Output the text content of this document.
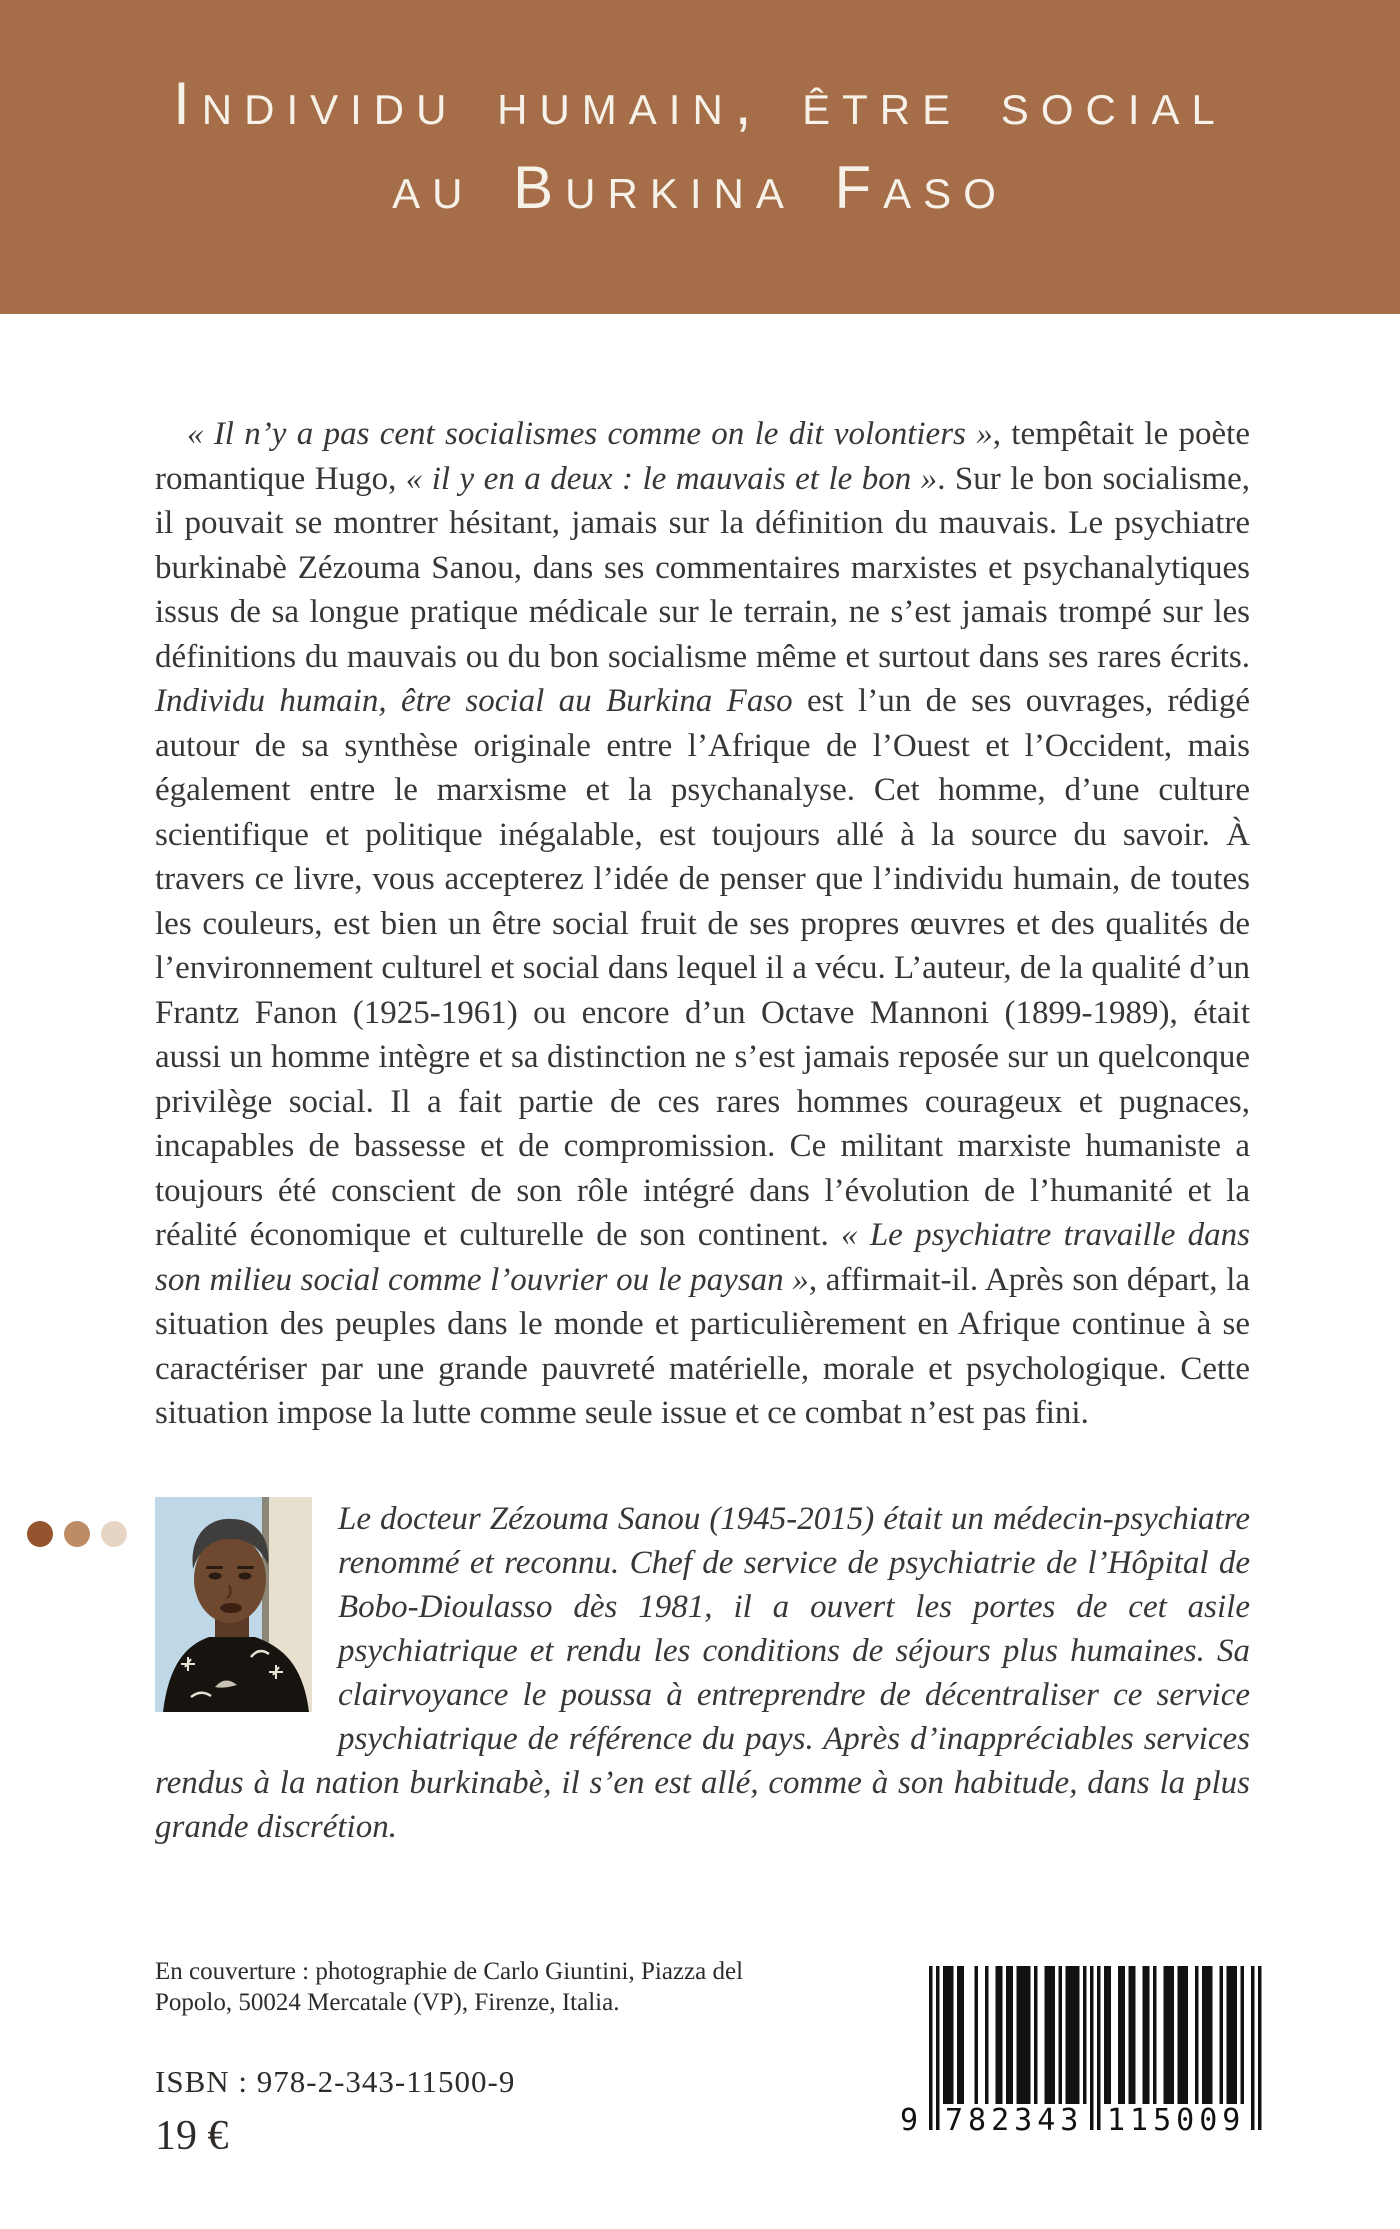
Individu humain, être social
au Burkina Faso

« Il n’y a pas cent socialismes comme on le dit volontiers », tempêtait le poète romantique Hugo, « il y en a deux : le mauvais et le bon ». Sur le bon socialisme, il pouvait se montrer hésitant, jamais sur la définition du mauvais. Le psychiatre burkinabè Zézouma Sanou, dans ses commentaires marxistes et psychanalytiques issus de sa longue pratique médicale sur le terrain, ne s’est jamais trompé sur les définitions du mauvais ou du bon socialisme même et surtout dans ses rares écrits. Individu humain, être social au Burkina Faso est l’un de ses ouvrages, rédigé autour de sa synthèse originale entre l’Afrique de l’Ouest et l’Occident, mais également entre le marxisme et la psychanalyse. Cet homme, d’une culture scientifique et politique inégalable, est toujours allé à la source du savoir. À travers ce livre, vous accepterez l’idée de penser que l’individu humain, de toutes les couleurs, est bien un être social fruit de ses propres œuvres et des qualités de l’environnement culturel et social dans lequel il a vécu. L’auteur, de la qualité d’un Frantz Fanon (1925-1961) ou encore d’un Octave Mannoni (1899-1989), était aussi un homme intègre et sa distinction ne s’est jamais reposée sur un quelconque privilège social. Il a fait partie de ces rares hommes courageux et pugnaces, incapables de bassesse et de compromission. Ce militant marxiste humaniste a toujours été conscient de son rôle intégré dans l’évolution de l’humanité et la réalité économique et culturelle de son continent. « Le psychiatre travaille dans son milieu social comme l’ouvrier ou le paysan », affirmait-il. Après son départ, la situation des peuples dans le monde et particulièrement en Afrique continue à se caractériser par une grande pauvreté matérielle, morale et psychologique. Cette situation impose la lutte comme seule issue et ce combat n’est pas fini.

Le docteur Zézouma Sanou (1945-2015) était un médecin-psychiatre renommé et reconnu. Chef de service de psychiatrie de l’Hôpital de Bobo-Dioulasso dès 1981, il a ouvert les portes de cet asile psychiatrique et rendu les conditions de séjours plus humaines. Sa clairvoyance le poussa à entreprendre de décentraliser ce service psychiatrique de référence du pays. Après d’inappréciables services rendus à la nation burkinabè, il s’en est allé, comme à son habitude, dans la plus grande discrétion.
En couverture : photographie de Carlo Giuntini, Piazza del
Popolo, 50024 Mercatale (VP), Firenze, Italia.
ISBN : 978-2-343-11500-9
19 €	9 782343 115009
